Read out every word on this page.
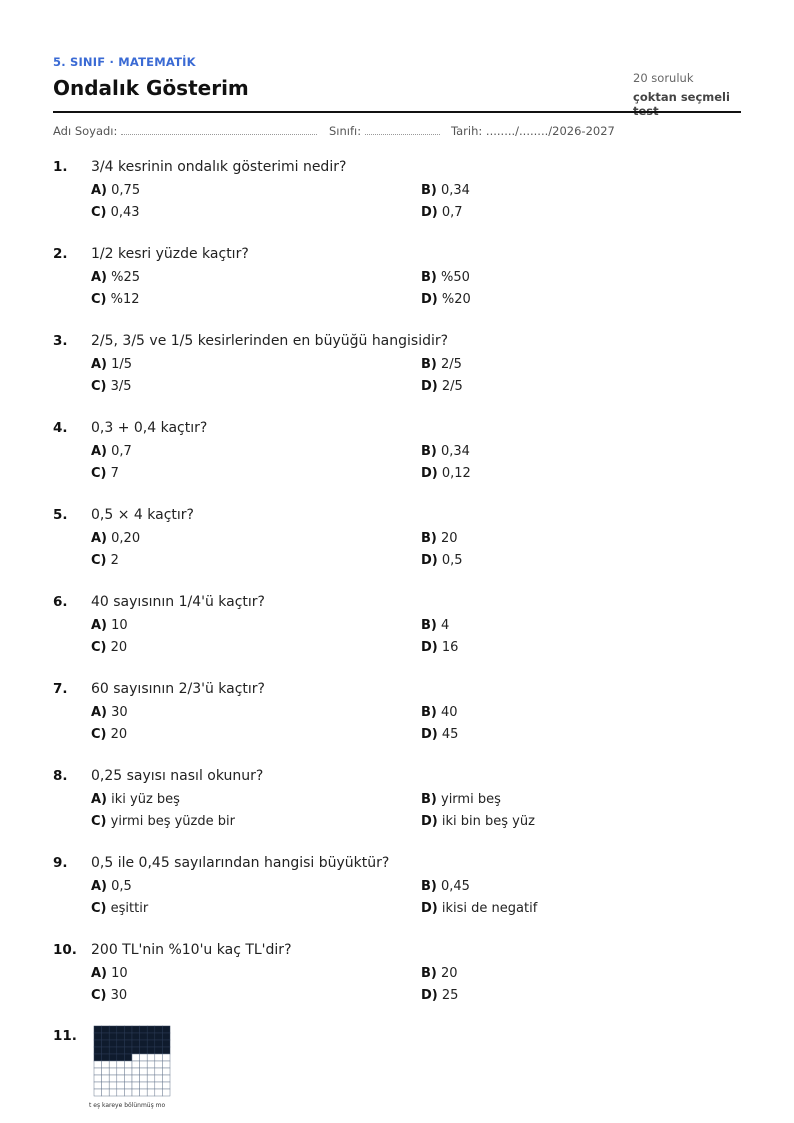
5. SINIF · MATEMATİK
Ondalık Gösterim	20 soruluk
çoktan seçmeli
Adı Soyadı:	Sınıfı:	Tarih: ......../......../2026-2027
1. 3/4 kesrinin ondalık gösterimi nedir?
A) 0,75	B) 0,34
C) 0,43	D) 0,7
2. 1/2 kesri yüzde kaçtır?
A) %25	B) %50
C) %12	D) %20
3. 2/5, 3/5 ve 1/5 kesirlerinden en büyüğü hangisidir?
A) 1/5	B) 2/5
C) 3/5	D) 2/5
4. 0,3 + 0,4 kaçtır?
A) 0,7	B) 0,34
C) 7	D) 0,12
5. 0,5 × 4 kaçtır?
A) 0,20	B) 20
C) 2	D) 0,5
6. 40 sayısının 1/4'ü kaçtır?
A) 10	B) 4
C) 20	D) 16
7. 60 sayısının 2/3'ü kaçtır?
A) 30	B) 40
C) 20	D) 45
8. 0,25 sayısı nasıl okunur?
A) iki yüz beş	B) yirmi beş
C) yirmi beş yüzde bir	D) iki bin beş yüz
9. 0,5 ile 0,45 sayılarından hangisi büyüktür?
A) 0,5	B) 0,45
C) eşittir	D) ikisi de negatif
10. 200 TL'nin %10'u kaç TL'dir?
A) 10	B) 20
C) 30	D) 25
11.
t eş kareye bölünmüş mo
